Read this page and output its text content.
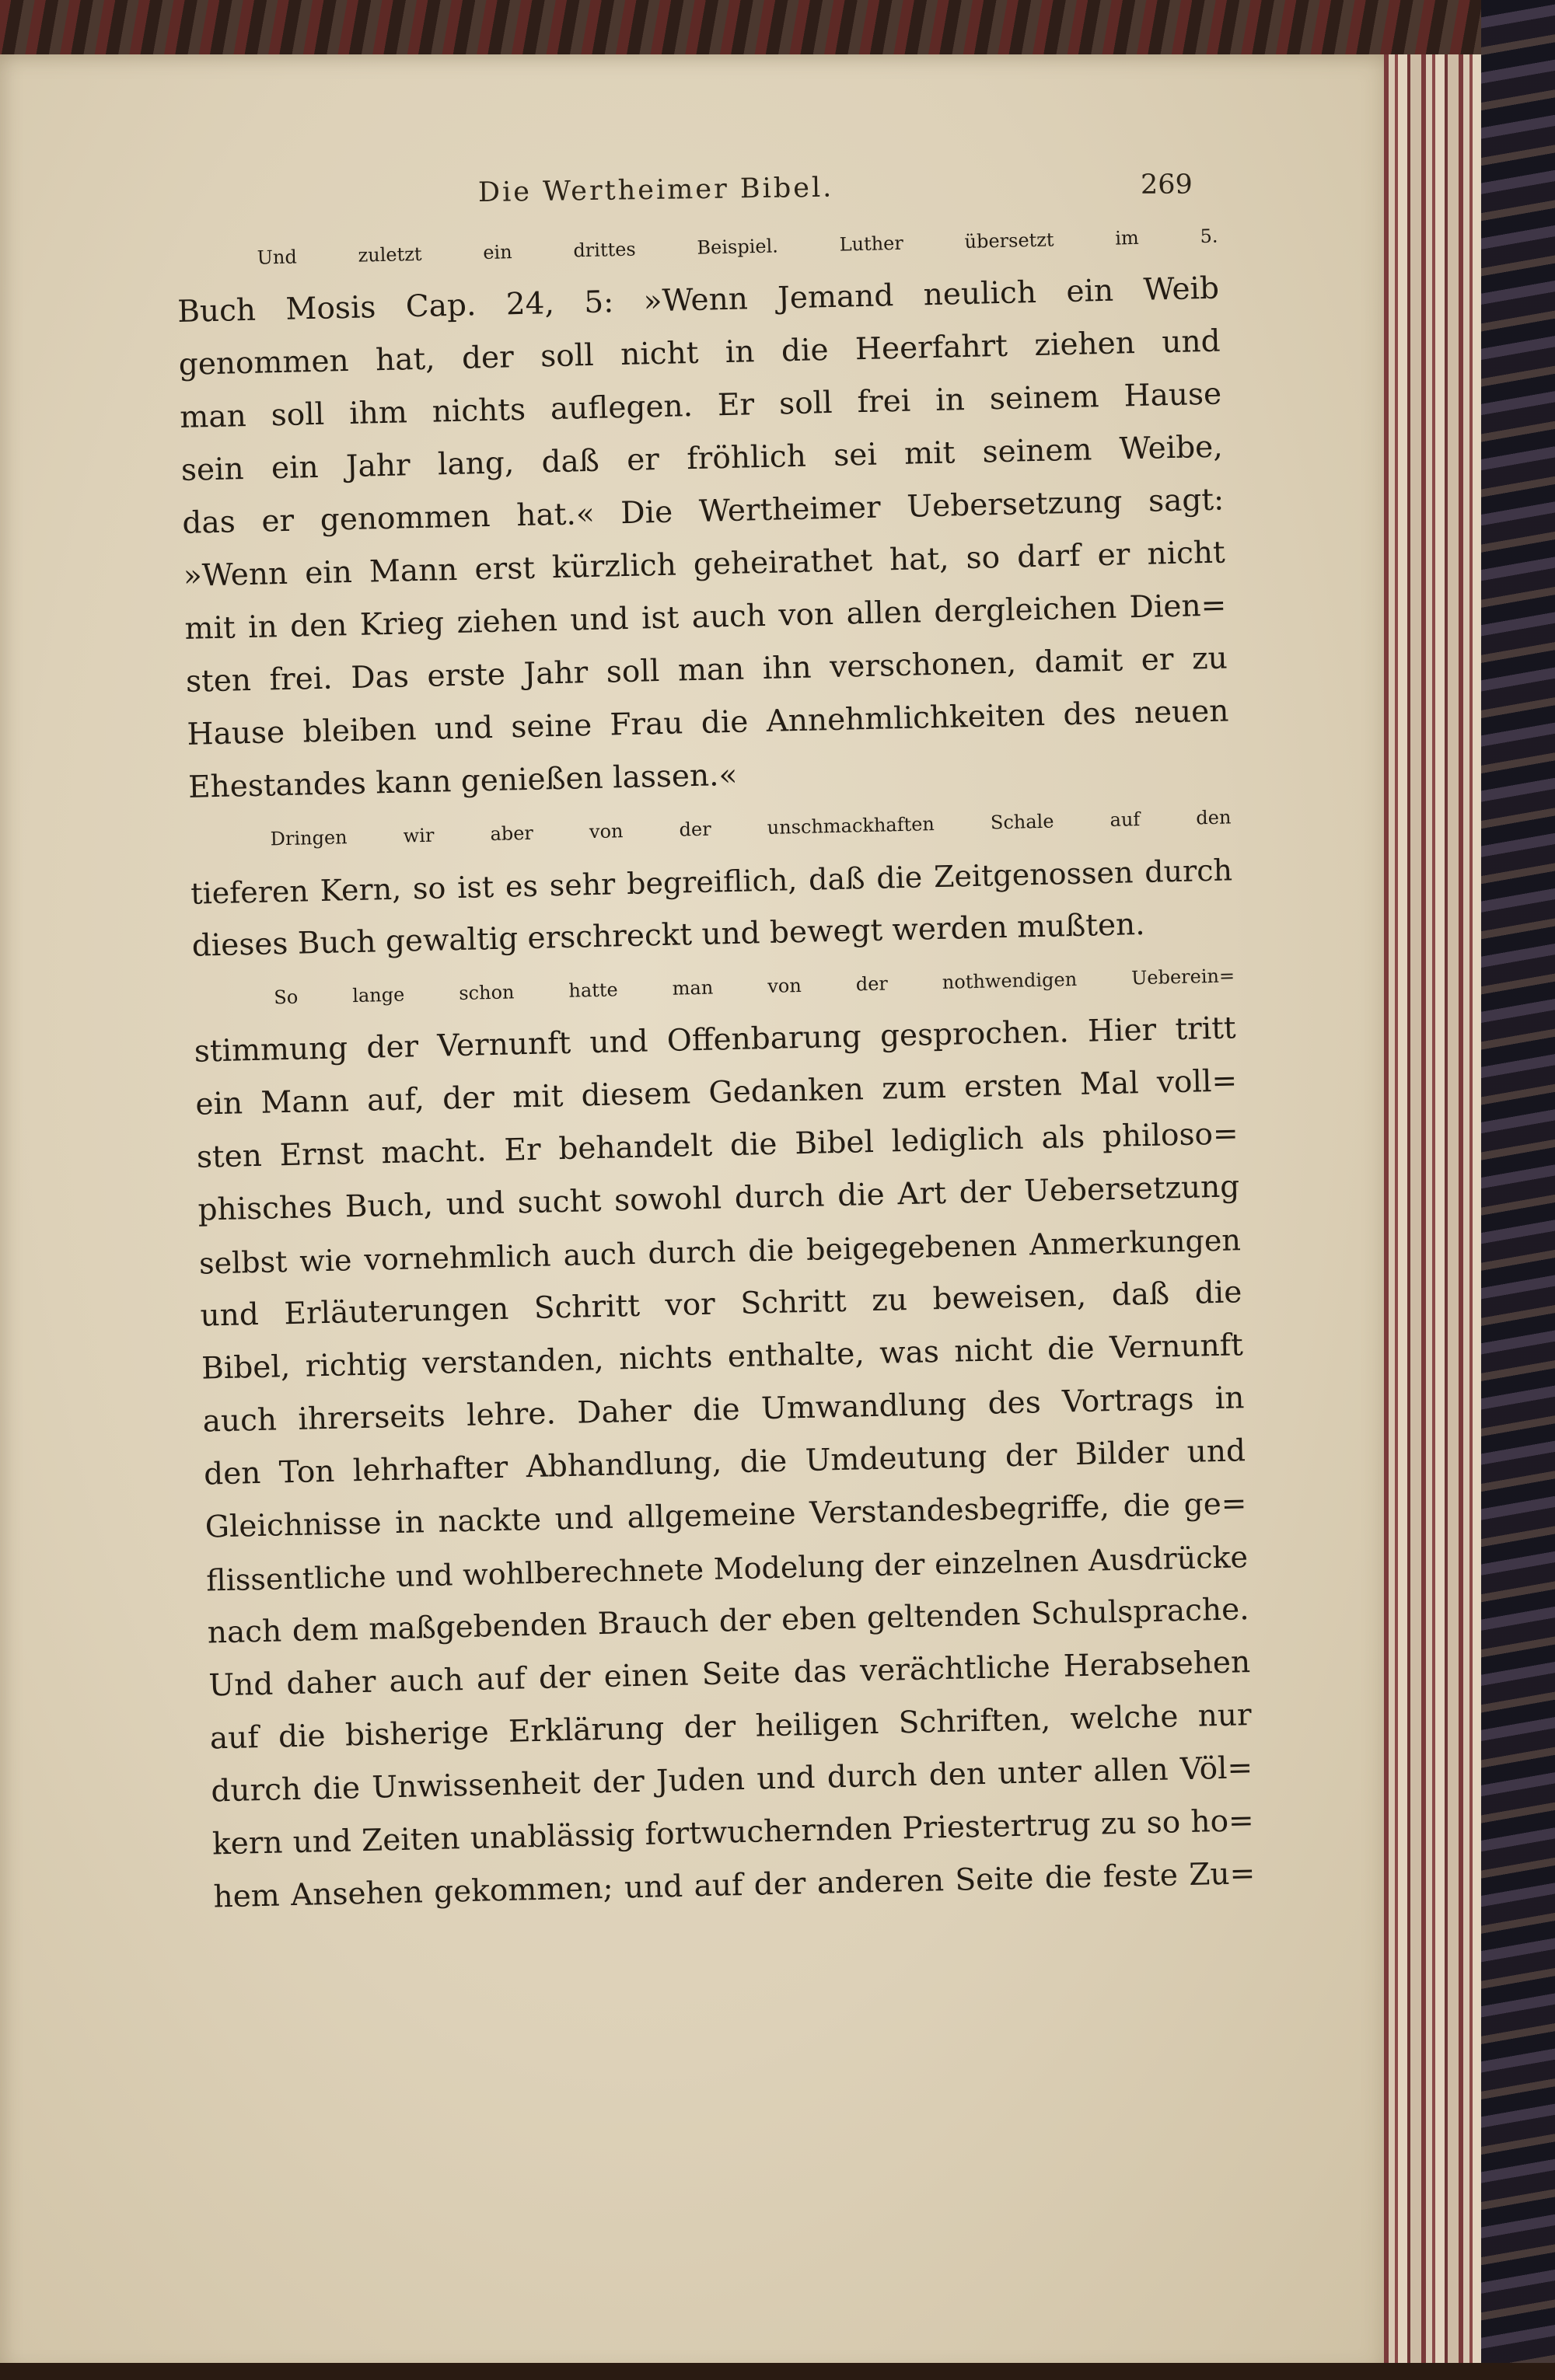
Die Wertheimer Bibel.	269
Und zuletzt ein drittes Beispiel. Luther übersetzt im 5.
Buch Mosis Cap. 24, 5: »Wenn Jemand neulich ein Weib
genommen hat, der soll nicht in die Heerfahrt ziehen und
man soll ihm nichts auflegen. Er soll frei in seinem Hause
sein ein Jahr lang, daß er fröhlich sei mit seinem Weibe,
das er genommen hat.« Die Wertheimer Uebersetzung sagt:
»Wenn ein Mann erst kürzlich geheirathet hat, so darf er nicht
mit in den Krieg ziehen und ist auch von allen dergleichen Dien=
sten frei. Das erste Jahr soll man ihn verschonen, damit er zu
Hause bleiben und seine Frau die Annehmlichkeiten des neuen
Ehestandes kann genießen lassen.«
Dringen wir aber von der unschmackhaften Schale auf den
tieferen Kern, so ist es sehr begreiflich, daß die Zeitgenossen durch
dieses Buch gewaltig erschreckt und bewegt werden mußten.
So lange schon hatte man von der nothwendigen Ueberein=
stimmung der Vernunft und Offenbarung gesprochen. Hier tritt
ein Mann auf, der mit diesem Gedanken zum ersten Mal voll=
sten Ernst macht. Er behandelt die Bibel lediglich als philoso=
phisches Buch, und sucht sowohl durch die Art der Uebersetzung
selbst wie vornehmlich auch durch die beigegebenen Anmerkungen
und Erläuterungen Schritt vor Schritt zu beweisen, daß die
Bibel, richtig verstanden, nichts enthalte, was nicht die Vernunft
auch ihrerseits lehre. Daher die Umwandlung des Vortrags in
den Ton lehrhafter Abhandlung, die Umdeutung der Bilder und
Gleichnisse in nackte und allgemeine Verstandesbegriffe, die ge=
flissentliche und wohlberechnete Modelung der einzelnen Ausdrücke
nach dem maßgebenden Brauch der eben geltenden Schulsprache.
Und daher auch auf der einen Seite das verächtliche Herabsehen
auf die bisherige Erklärung der heiligen Schriften, welche nur
durch die Unwissenheit der Juden und durch den unter allen Völ=
kern und Zeiten unablässig fortwuchernden Priestertrug zu so ho=
hem Ansehen gekommen; und auf der anderen Seite die feste Zu=
